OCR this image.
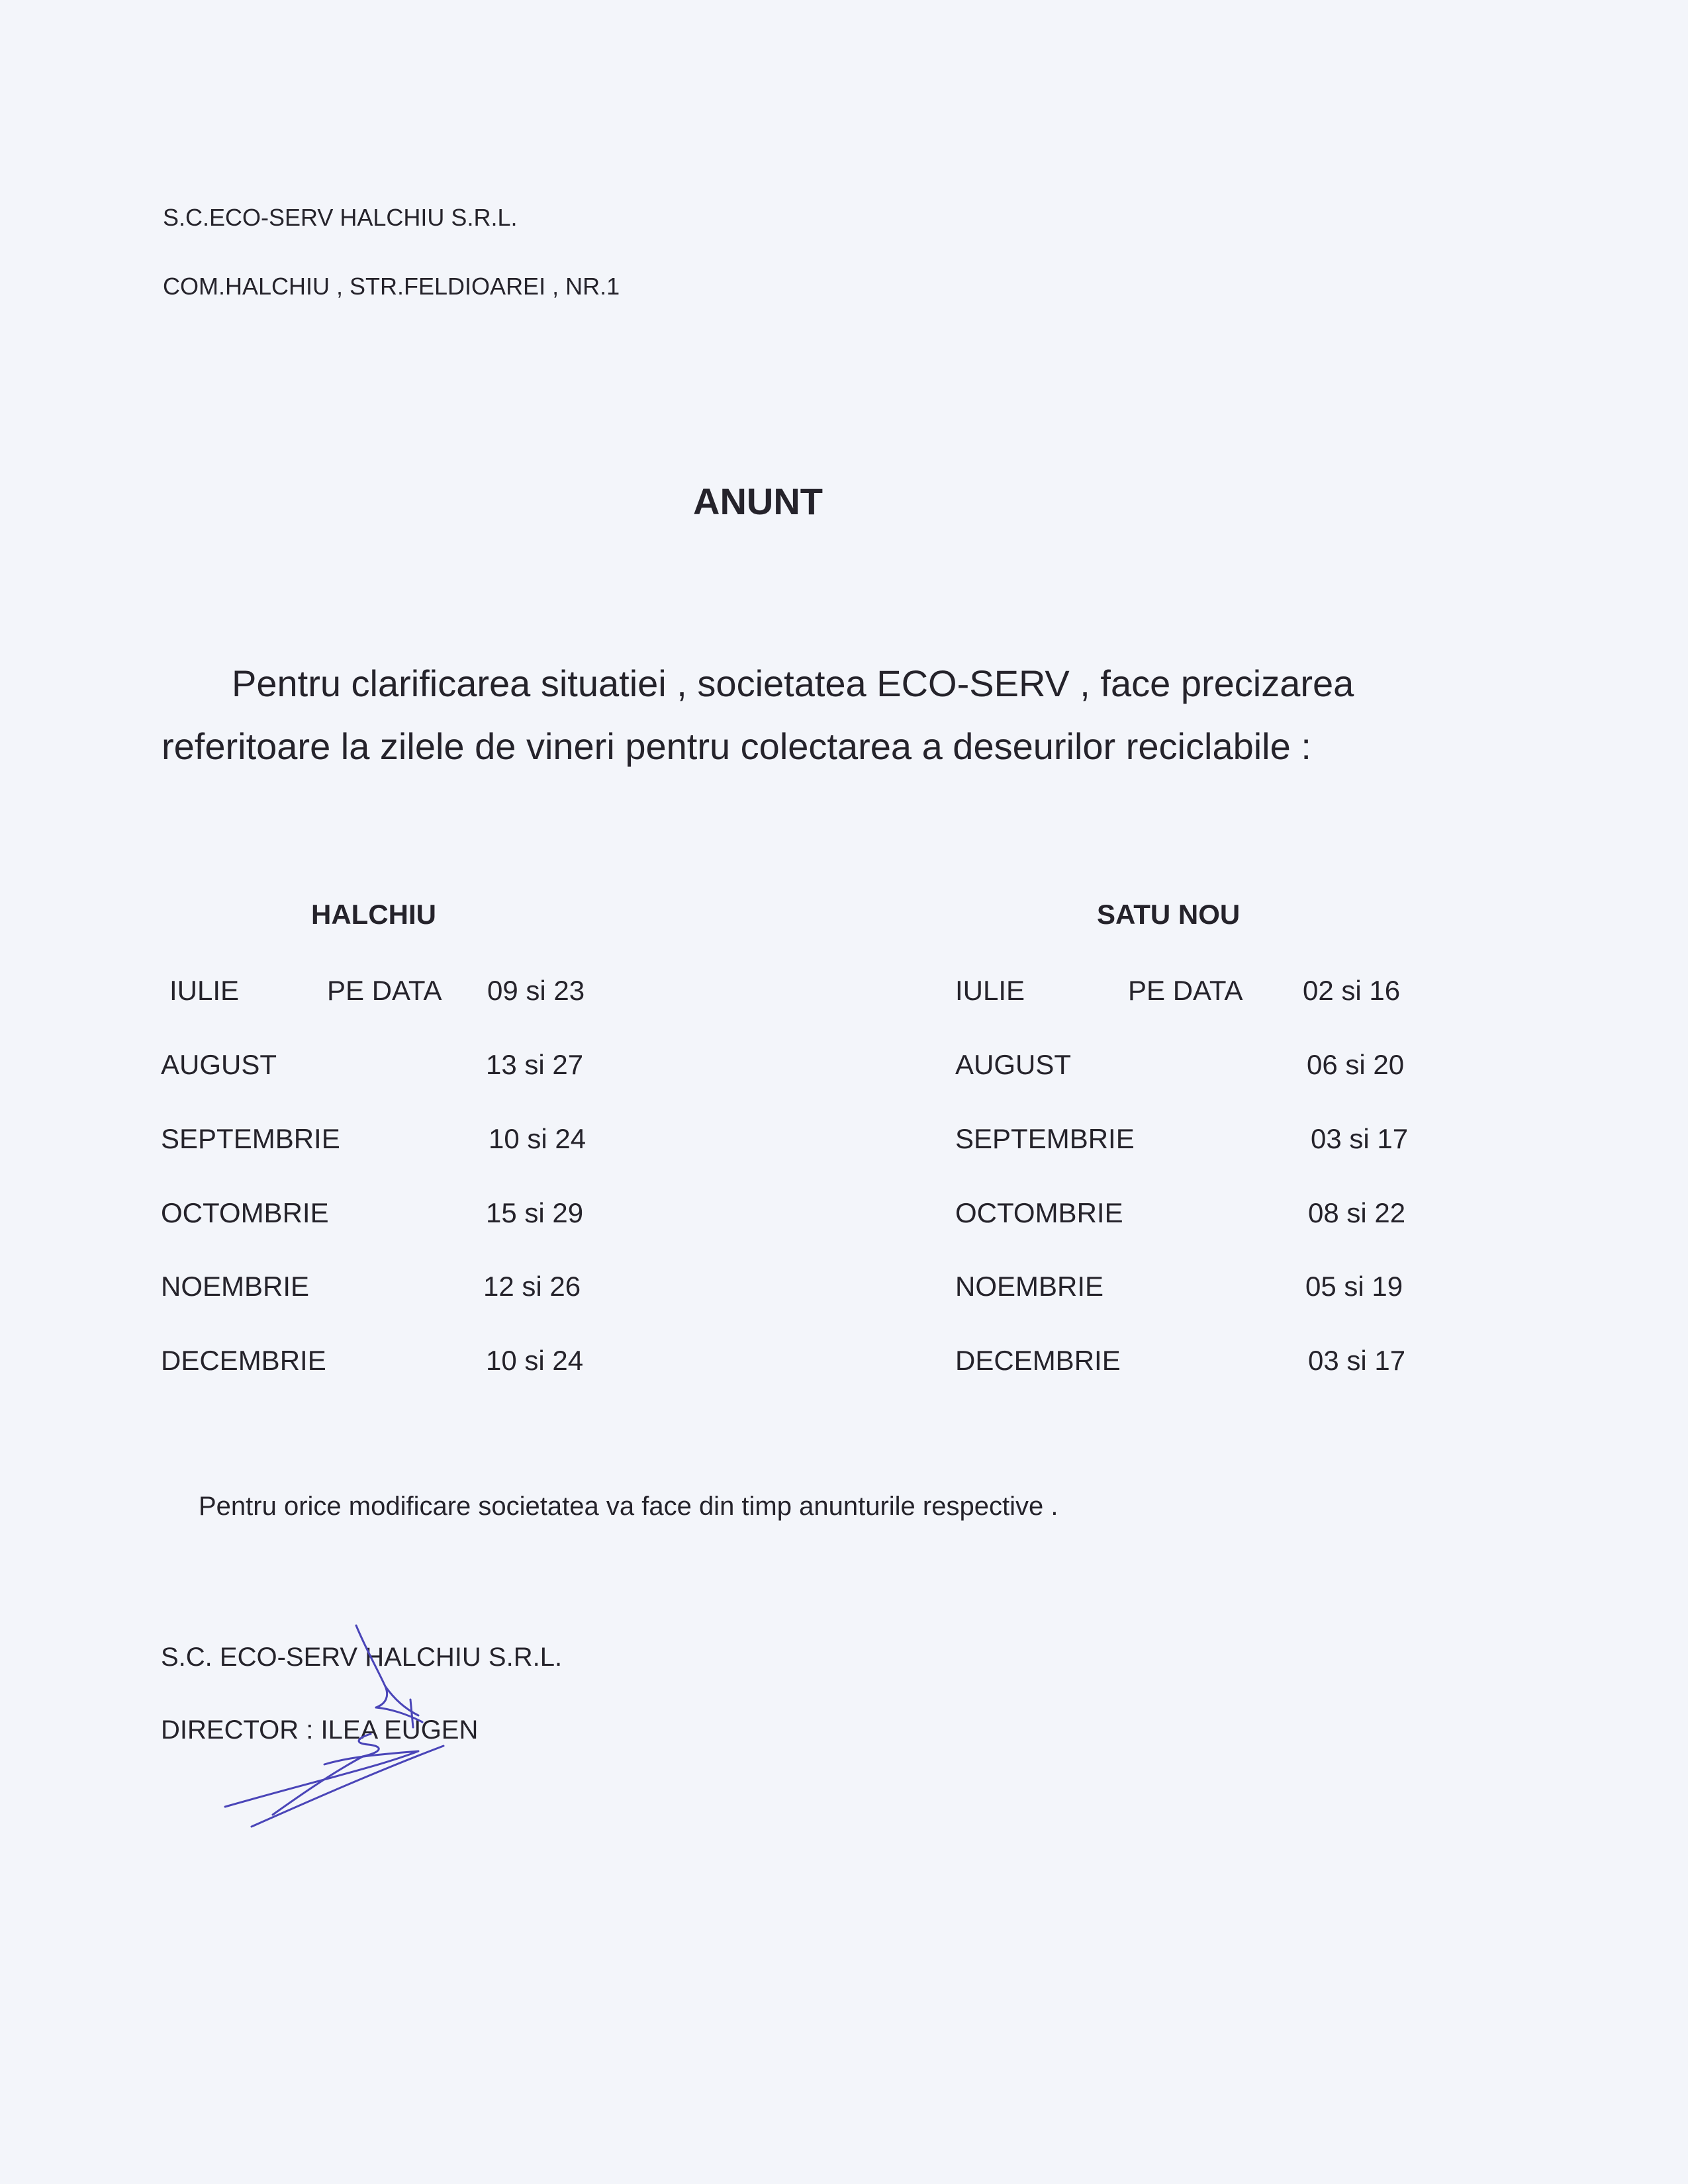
S.C.ECO-SERV HALCHIU S.R.L.
COM.HALCHIU , STR.FELDIOAREI , NR.1
ANUNT
Pentru clarificarea situatiei , societatea ECO-SERV , face precizarea
referitoare la zilele de vineri pentru colectarea a deseurilor reciclabile :
HALCHIU	SATU NOU
IULIE	PE DATA 09 si 23
AUGUST	13 si 27
SEPTEMBRIE	10 si 24
OCTOMBRIE	15 si 29
NOEMBRIE	12 si 26
DECEMBRIE	10 si 24
IULIE	PE DATA 02 si 16
AUGUST	06 si 20
SEPTEMBRIE	03 si 17
OCTOMBRIE	08 si 22
NOEMBRIE	05 si 19
DECEMBRIE	03 si 17
Pentru orice modificare societatea va face din timp anunturile respective .
S.C. ECO-SERV HALCHIU S.R.L.
DIRECTOR : ILEA EUGEN
